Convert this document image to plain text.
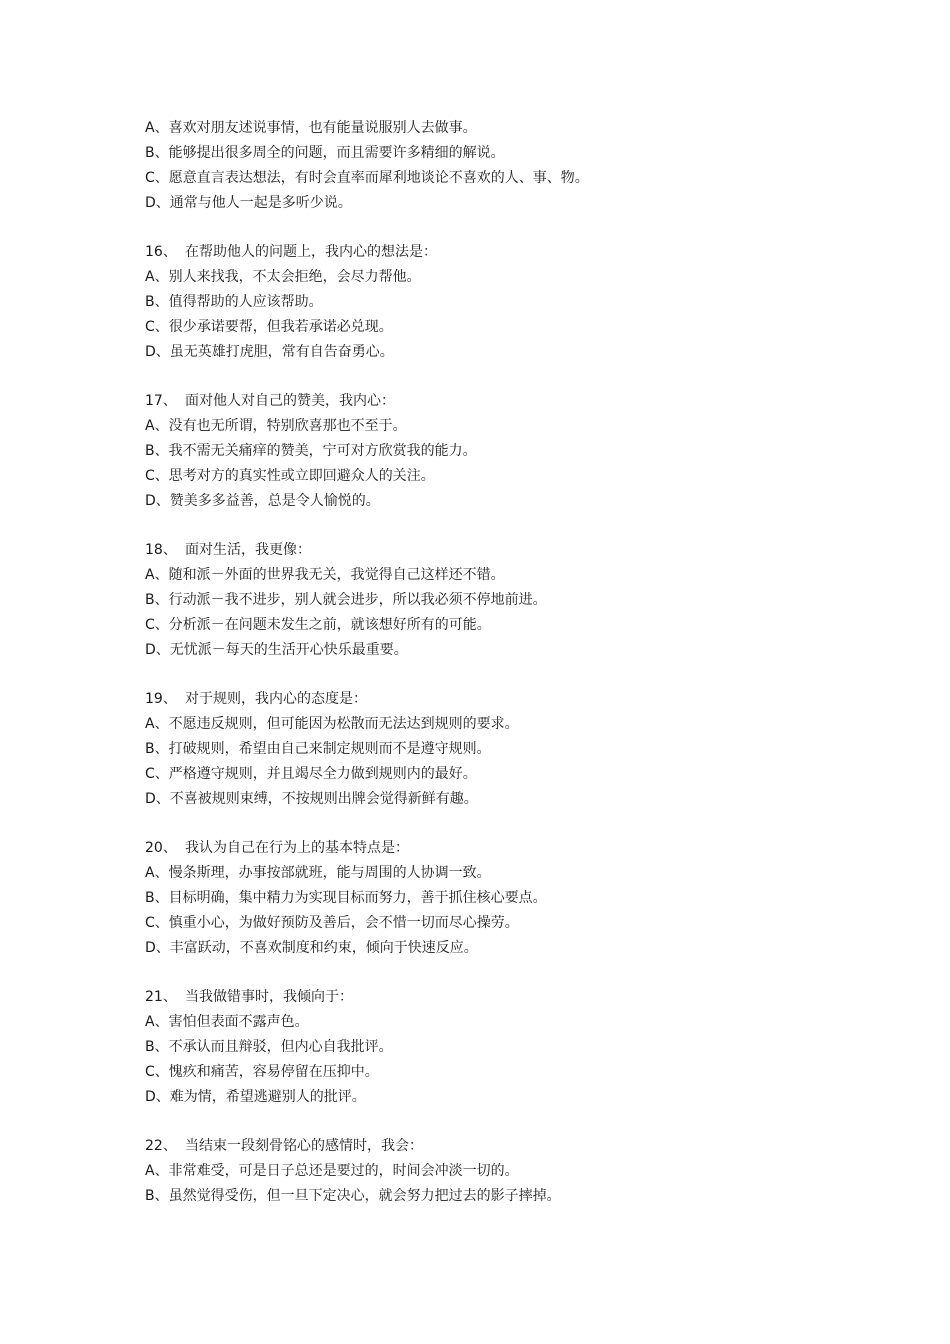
A、喜欢对朋友述说事情，也有能量说服别人去做事。
B、能够提出很多周全的问题，而且需要许多精细的解说。
C、愿意直言表达想法，有时会直率而犀利地谈论不喜欢的人、事、物。
D、通常与他人一起是多听少说。
16、 在帮助他人的问题上，我内心的想法是：
A、别人来找我，不太会拒绝，会尽力帮他。
B、值得帮助的人应该帮助。
C、很少承诺要帮，但我若承诺必兑现。
D、虽无英雄打虎胆，常有自告奋勇心。
17、 面对他人对自己的赞美，我内心：
A、没有也无所谓，特别欣喜那也不至于。
B、我不需无关痛痒的赞美，宁可对方欣赏我的能力。
C、思考对方的真实性或立即回避众人的关注。
D、赞美多多益善，总是令人愉悦的。
18、 面对生活，我更像：
A、随和派－外面的世界我无关，我觉得自己这样还不错。
B、行动派－我不进步，别人就会进步，所以我必须不停地前进。
C、分析派－在问题未发生之前，就该想好所有的可能。
D、无忧派－每天的生活开心快乐最重要。
19、 对于规则，我内心的态度是：
A、不愿违反规则，但可能因为松散而无法达到规则的要求。
B、打破规则，希望由自己来制定规则而不是遵守规则。
C、严格遵守规则，并且竭尽全力做到规则内的最好。
D、不喜被规则束缚，不按规则出牌会觉得新鲜有趣。
20、 我认为自己在行为上的基本特点是：
A、慢条斯理，办事按部就班，能与周围的人协调一致。
B、目标明确，集中精力为实现目标而努力，善于抓住核心要点。
C、慎重小心，为做好预防及善后，会不惜一切而尽心操劳。
D、丰富跃动，不喜欢制度和约束，倾向于快速反应。
21、 当我做错事时，我倾向于：
A、害怕但表面不露声色。
B、不承认而且辩驳，但内心自我批评。
C、愧疚和痛苦，容易停留在压抑中。
D、难为情，希望逃避别人的批评。
22、 当结束一段刻骨铭心的感情时，我会：
A、非常难受，可是日子总还是要过的，时间会冲淡一切的。
B、虽然觉得受伤，但一旦下定决心，就会努力把过去的影子摔掉。
